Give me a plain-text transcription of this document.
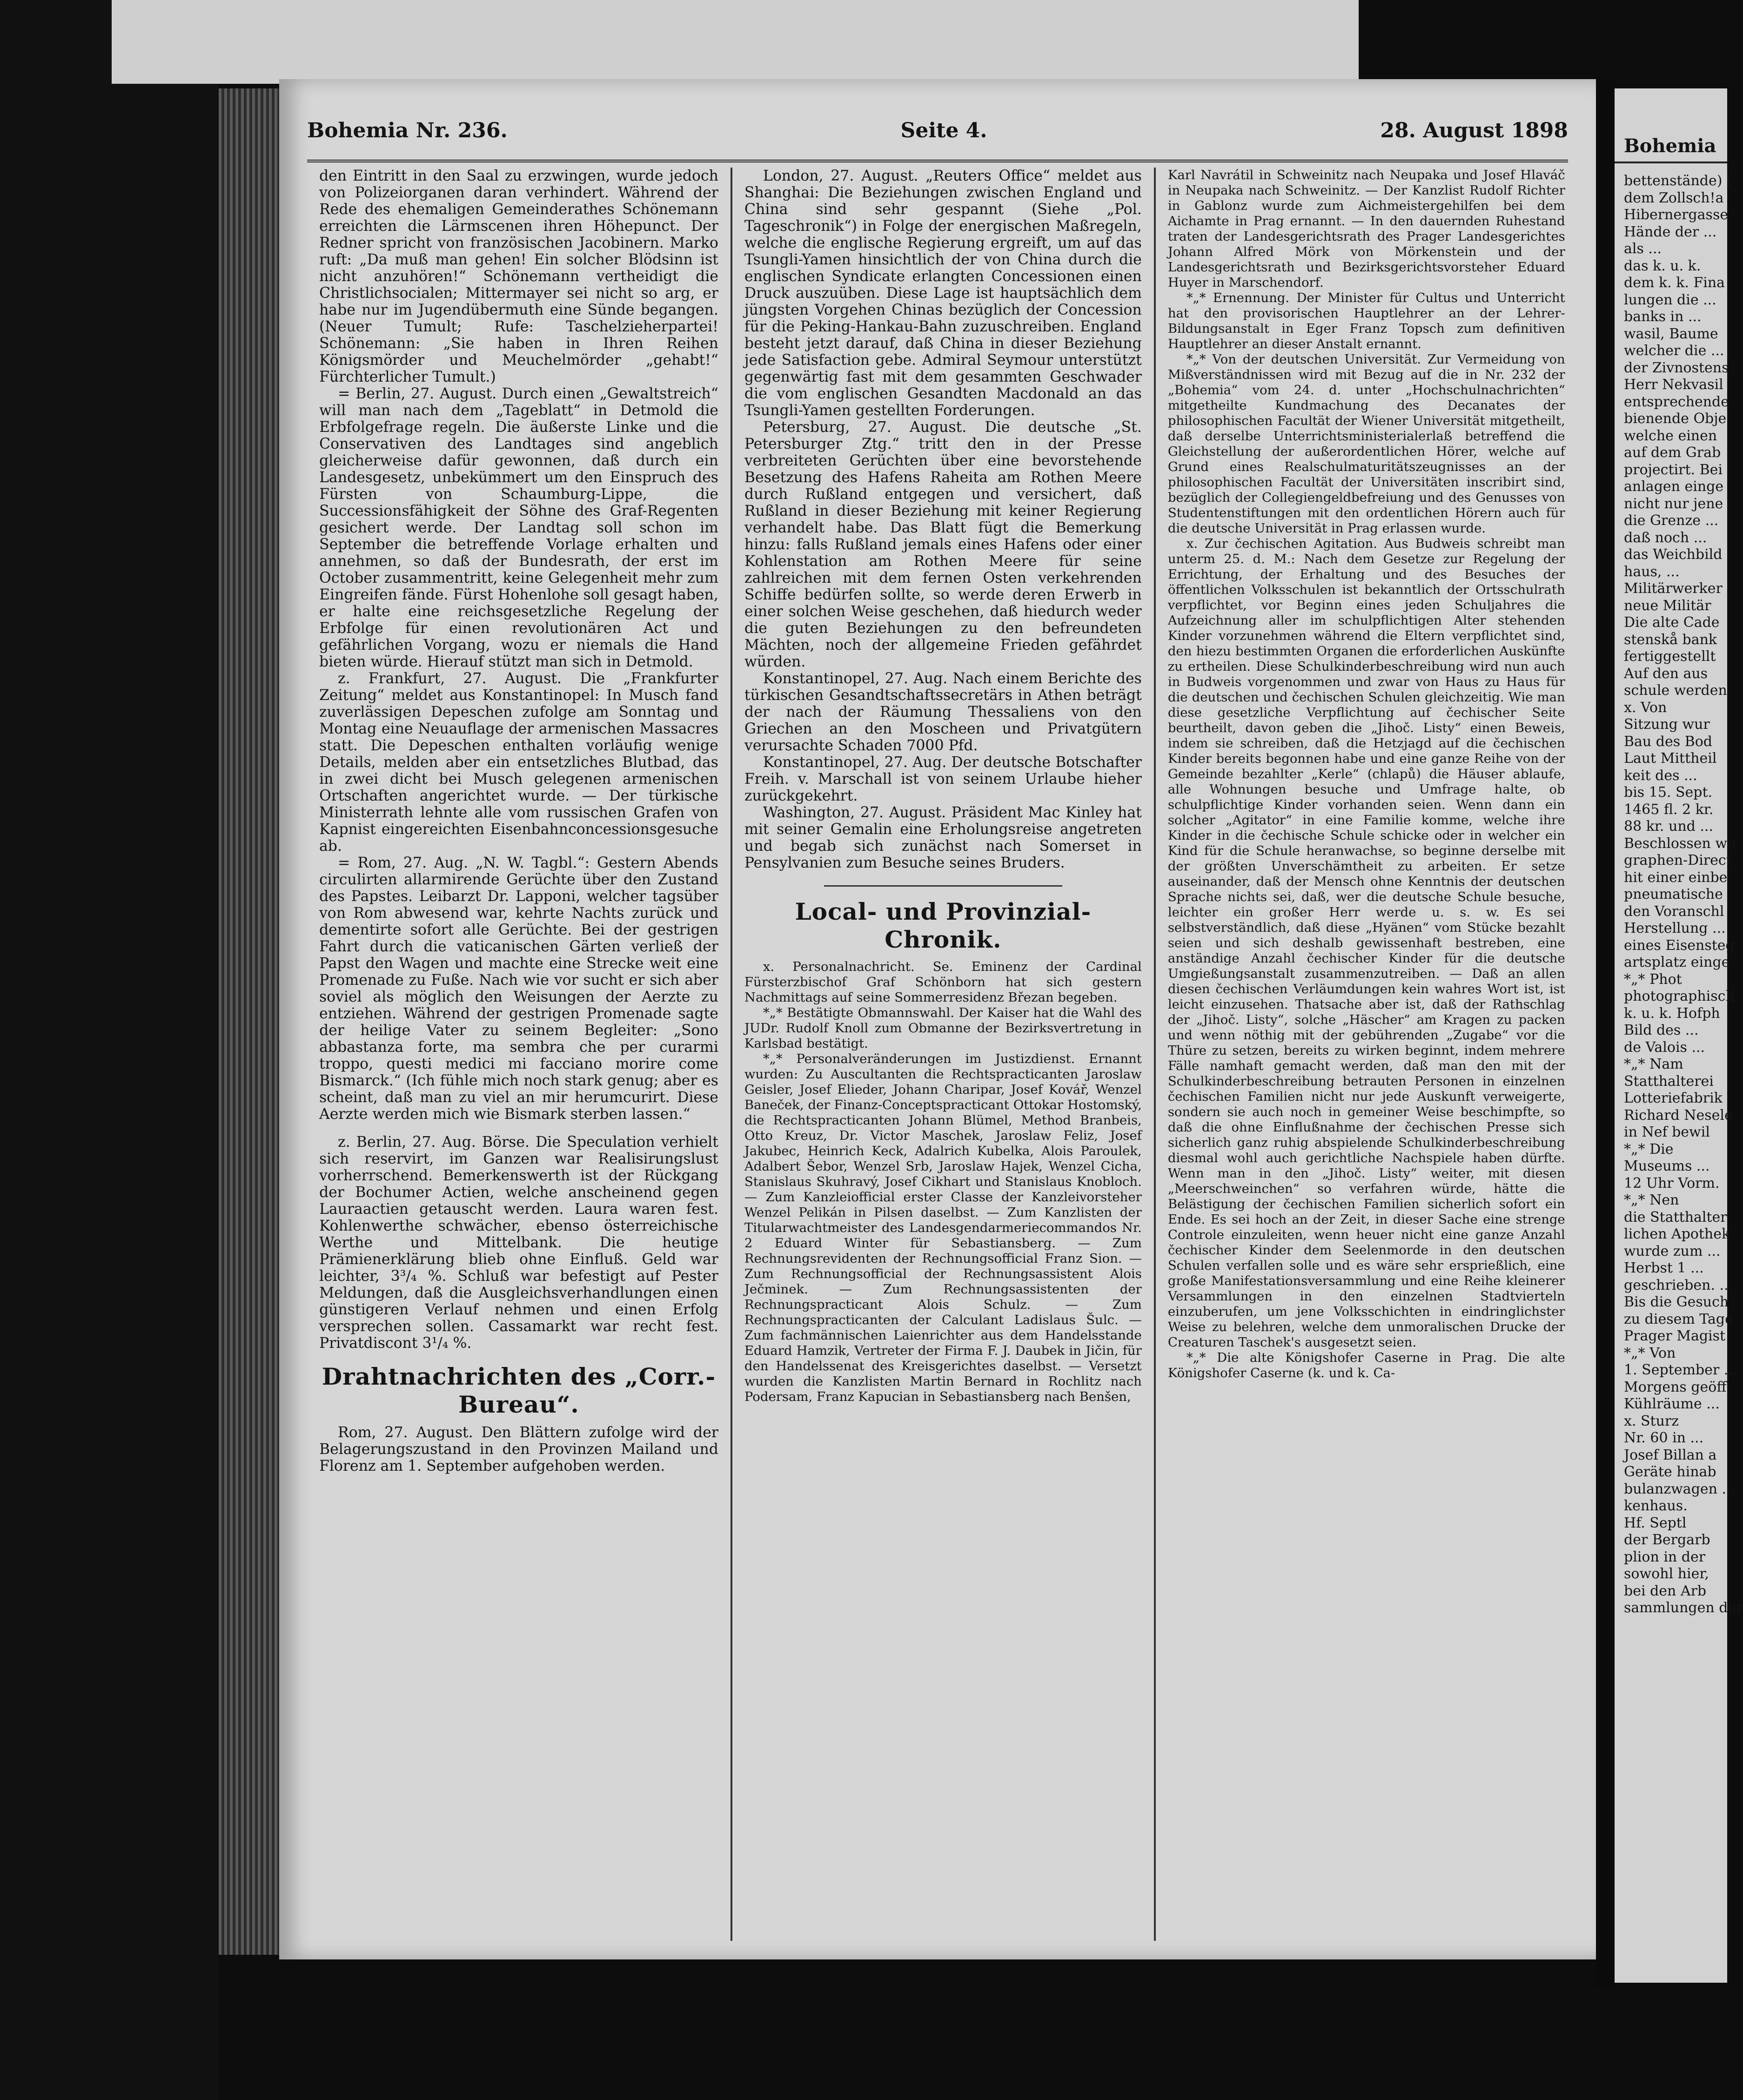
Bohemia Nr. 236.	Seite 4.	28. August 1898

den Eintritt in den Saal zu erzwingen, wurde jedoch von Polizeiorganen daran verhindert. Während der Rede des ehemaligen Gemeinderathes Schönemann erreichten die Lärmscenen ihren Höhepunct. Der Redner spricht von französischen Jacobinern. Marko ruft: „Da muß man gehen! Ein solcher Blödsinn ist nicht anzuhören!“ Schönemann vertheidigt die Christlichsocialen; Mittermayer sei nicht so arg, er habe nur im Jugendübermuth eine Sünde begangen. (Neuer Tumult; Rufe: Taschelzieherpartei! Schönemann: „Sie haben in Ihren Reihen Königsmörder und Meuchelmörder „gehabt!“ Fürchterlicher Tumult.)

= Berlin, 27. August. Durch einen „Gewaltstreich“ will man nach dem „Tageblatt“ in Detmold die Erbfolgefrage regeln. Die äußerste Linke und die Conservativen des Landtages sind angeblich gleicherweise dafür gewonnen, daß durch ein Landesgesetz, unbekümmert um den Einspruch des Fürsten von Schaumburg-Lippe, die Successionsfähigkeit der Söhne des Graf-Regenten gesichert werde. Der Landtag soll schon im September die betreffende Vorlage erhalten und annehmen, so daß der Bundesrath, der erst im October zusammentritt, keine Gelegenheit mehr zum Eingreifen fände. Fürst Hohenlohe soll gesagt haben, er halte eine reichsgesetzliche Regelung der Erbfolge für einen revolutionären Act und gefährlichen Vorgang, wozu er niemals die Hand bieten würde. Hierauf stützt man sich in Detmold.

z. Frankfurt, 27. August. Die „Frankfurter Zeitung“ meldet aus Konstantinopel: In Musch fand zuverlässigen Depeschen zufolge am Sonntag und Montag eine Neuauflage der armenischen Massacres statt. Die Depeschen enthalten vorläufig wenige Details, melden aber ein entsetzliches Blutbad, das in zwei dicht bei Musch gelegenen armenischen Ortschaften angerichtet wurde. — Der türkische Ministerrath lehnte alle vom russischen Grafen von Kapnist eingereichten Eisenbahnconcessionsgesuche ab.

= Rom, 27. Aug. „N. W. Tagbl.“: Gestern Abends circulirten allarmirende Gerüchte über den Zustand des Papstes. Leibarzt Dr. Lapponi, welcher tagsüber von Rom abwesend war, kehrte Nachts zurück und dementirte sofort alle Gerüchte. Bei der gestrigen Fahrt durch die vaticanischen Gärten verließ der Papst den Wagen und machte eine Strecke weit eine Promenade zu Fuße. Nach wie vor sucht er sich aber soviel als möglich den Weisungen der Aerzte zu entziehen. Während der gestrigen Promenade sagte der heilige Vater zu seinem Begleiter: „Sono abbastanza forte, ma sembra che per curarmi troppo, questi medici mi facciano morire come Bismarck.“ (Ich fühle mich noch stark genug; aber es scheint, daß man zu viel an mir herumcurirt. Diese Aerzte werden mich wie Bismark sterben lassen.“

z. Berlin, 27. Aug. Börse. Die Speculation verhielt sich reservirt, im Ganzen war Realisirungslust vorherrschend. Bemerkenswerth ist der Rückgang der Bochumer Actien, welche anscheinend gegen Lauraactien getauscht werden. Laura waren fest. Kohlenwerthe schwächer, ebenso österreichische Werthe und Mittelbank. Die heutige Prämienerklärung blieb ohne Einfluß. Geld war leichter, 3³/₄ %. Schluß war befestigt auf Pester Meldungen, daß die Ausgleichsverhandlungen einen günstigeren Verlauf nehmen und einen Erfolg versprechen sollen. Cassamarkt war recht fest. Privatdiscont 3¹/₄ %.

Drahtnachrichten des „Corr.-Bureau“.

Rom, 27. August. Den Blättern zufolge wird der Belagerungszustand in den Provinzen Mailand und Florenz am 1. September aufgehoben werden.

London, 27. August. „Reuters Office“ meldet aus Shanghai: Die Beziehungen zwischen England und China sind sehr gespannt (Siehe „Pol. Tageschronik“) in Folge der energischen Maßregeln, welche die englische Regierung ergreift, um auf das Tsungli-Yamen hinsichtlich der von China durch die englischen Syndicate erlangten Concessionen einen Druck auszuüben. Diese Lage ist hauptsächlich dem jüngsten Vorgehen Chinas bezüglich der Concession für die Peking-Hankau-Bahn zuzuschreiben. England besteht jetzt darauf, daß China in dieser Beziehung jede Satisfaction gebe. Admiral Seymour unterstützt gegenwärtig fast mit dem gesammten Geschwader die vom englischen Gesandten Macdonald an das Tsungli-Yamen gestellten Forderungen.

Petersburg, 27. August. Die deutsche „St. Petersburger Ztg.“ tritt den in der Presse verbreiteten Gerüchten über eine bevorstehende Besetzung des Hafens Raheita am Rothen Meere durch Rußland entgegen und versichert, daß Rußland in dieser Beziehung mit keiner Regierung verhandelt habe. Das Blatt fügt die Bemerkung hinzu: falls Rußland jemals eines Hafens oder einer Kohlenstation am Rothen Meere für seine zahlreichen mit dem fernen Osten verkehrenden Schiffe bedürfen sollte, so werde deren Erwerb in einer solchen Weise geschehen, daß hiedurch weder die guten Beziehungen zu den befreundeten Mächten, noch der allgemeine Frieden gefährdet würden.

Konstantinopel, 27. Aug. Nach einem Berichte des türkischen Gesandtschaftssecretärs in Athen beträgt der nach der Räumung Thessaliens von den Griechen an den Moscheen und Privatgütern verursachte Schaden 7000 Pfd.

Konstantinopel, 27. Aug. Der deutsche Botschafter Freih. v. Marschall ist von seinem Urlaube hieher zurückgekehrt.

Washington, 27. August. Präsident Mac Kinley hat mit seiner Gemalin eine Erholungsreise angetreten und begab sich zunächst nach Somerset in Pensylvanien zum Besuche seines Bruders.

Local- und Provinzial-Chronik.

x. Personalnachricht. Se. Eminenz der Cardinal Fürsterzbischof Graf Schönborn hat sich gestern Nachmittags auf seine Sommerresidenz Březan begeben.

*„* Bestätigte Obmannswahl. Der Kaiser hat die Wahl des JUDr. Rudolf Knoll zum Obmanne der Bezirksvertretung in Karlsbad bestätigt.

*„* Personalveränderungen im Justizdienst. Ernannt wurden: Zu Auscultanten die Rechtspracticanten Jaroslaw Geisler, Josef Elieder, Johann Charipar, Josef Kovář, Wenzel Baneček, der Finanz-Conceptspracticant Ottokar Hostomský, die Rechtspracticanten Johann Blümel, Method Branbeis, Otto Kreuz, Dr. Victor Maschek, Jaroslaw Feliz, Josef Jakubec, Heinrich Keck, Adalrich Kubelka, Alois Paroulek, Adalbert Šebor, Wenzel Srb, Jaroslaw Hajek, Wenzel Cicha, Stanislaus Skuhravý, Josef Cikhart und Stanislaus Knobloch. — Zum Kanzleiofficial erster Classe der Kanzleivorsteher Wenzel Pelikán in Pilsen daselbst. — Zum Kanzlisten der Titularwachtmeister des Landesgendarmeriecommandos Nr. 2 Eduard Winter für Sebastiansberg. — Zum Rechnungsrevidenten der Rechnungsofficial Franz Sion. — Zum Rechnungsofficial der Rechnungsassistent Alois Ječminek. — Zum Rechnungsassistenten der Rechnungspracticant Alois Schulz. — Zum Rechnungspracticanten der Calculant Ladislaus Šulc. — Zum fachmännischen Laienrichter aus dem Handelsstande Eduard Hamzik, Vertreter der Firma F. J. Daubek in Jičin, für den Handelssenat des Kreisgerichtes daselbst. — Versetzt wurden die Kanzlisten Martin Bernard in Rochlitz nach Podersam, Franz Kapucian in Sebastiansberg nach Benšen,

Karl Navrátil in Schweinitz nach Neupaka und Josef Hlaváč in Neupaka nach Schweinitz. — Der Kanzlist Rudolf Richter in Gablonz wurde zum Aichmeistergehilfen bei dem Aichamte in Prag ernannt. — In den dauernden Ruhestand traten der Landesgerichtsrath des Prager Landesgerichtes Johann Alfred Mörk von Mörkenstein und der Landesgerichtsrath und Bezirksgerichtsvorsteher Eduard Huyer in Marschendorf.

*„* Ernennung. Der Minister für Cultus und Unterricht hat den provisorischen Hauptlehrer an der Lehrer-Bildungsanstalt in Eger Franz Topsch zum definitiven Hauptlehrer an dieser Anstalt ernannt.

*„* Von der deutschen Universität. Zur Vermeidung von Mißverständnissen wird mit Bezug auf die in Nr. 232 der „Bohemia“ vom 24. d. unter „Hochschulnachrichten“ mitgetheilte Kundmachung des Decanates der philosophischen Facultät der Wiener Universität mitgetheilt, daß derselbe Unterrichtsministerialerlaß betreffend die Gleichstellung der außerordentlichen Hörer, welche auf Grund eines Realschulmaturitätszeugnisses an der philosophischen Facultät der Universitäten inscribirt sind, bezüglich der Collegiengeldbefreiung und des Genusses von Studentenstiftungen mit den ordentlichen Hörern auch für die deutsche Universität in Prag erlassen wurde.

x. Zur čechischen Agitation. Aus Budweis schreibt man unterm 25. d. M.: Nach dem Gesetze zur Regelung der Errichtung, der Erhaltung und des Besuches der öffentlichen Volksschulen ist bekanntlich der Ortsschulrath verpflichtet, vor Beginn eines jeden Schuljahres die Aufzeichnung aller im schulpflichtigen Alter stehenden Kinder vorzunehmen während die Eltern verpflichtet sind, den hiezu bestimmten Organen die erforderlichen Auskünfte zu ertheilen. Diese Schulkinderbeschreibung wird nun auch in Budweis vorgenommen und zwar von Haus zu Haus für die deutschen und čechischen Schulen gleichzeitig. Wie man diese gesetzliche Verpflichtung auf čechischer Seite beurtheilt, davon geben die „Jihoč. Listy“ einen Beweis, indem sie schreiben, daß die Hetzjagd auf die čechischen Kinder bereits begonnen habe und eine ganze Reihe von der Gemeinde bezahlter „Kerle“ (chlapů) die Häuser ablaufe, alle Wohnungen besuche und Umfrage halte, ob schulpflichtige Kinder vorhanden seien. Wenn dann ein solcher „Agitator“ in eine Familie komme, welche ihre Kinder in die čechische Schule schicke oder in welcher ein Kind für die Schule heranwachse, so beginne derselbe mit der größten Unverschämtheit zu arbeiten. Er setze auseinander, daß der Mensch ohne Kenntnis der deutschen Sprache nichts sei, daß, wer die deutsche Schule besuche, leichter ein großer Herr werde u. s. w. Es sei selbstverständlich, daß diese „Hyänen“ vom Stücke bezahlt seien und sich deshalb gewissenhaft bestreben, eine anständige Anzahl čechischer Kinder für die deutsche Umgießungsanstalt zusammenzutreiben. — Daß an allen diesen čechischen Verläumdungen kein wahres Wort ist, ist leicht einzusehen. Thatsache aber ist, daß der Rathschlag der „Jihoč. Listy“, solche „Häscher“ am Kragen zu packen und wenn nöthig mit der gebührenden „Zugabe“ vor die Thüre zu setzen, bereits zu wirken beginnt, indem mehrere Fälle namhaft gemacht werden, daß man den mit der Schulkinderbeschreibung betrauten Personen in einzelnen čechischen Familien nicht nur jede Auskunft verweigerte, sondern sie auch noch in gemeiner Weise beschimpfte, so daß die ohne Einflußnahme der čechischen Presse sich sicherlich ganz ruhig abspielende Schulkinderbeschreibung diesmal wohl auch gerichtliche Nachspiele haben dürfte. Wenn man in den „Jihoč. Listy“ weiter, mit diesen „Meerschweinchen“ so verfahren würde, hätte die Belästigung der čechischen Familien sicherlich sofort ein Ende. Es sei hoch an der Zeit, in dieser Sache eine strenge Controle einzuleiten, wenn heuer nicht eine ganze Anzahl čechischer Kinder dem Seelenmorde in den deutschen Schulen verfallen solle und es wäre sehr ersprießlich, eine große Manifestationsversammlung und eine Reihe kleinerer Versammlungen in den einzelnen Stadtvierteln einzuberufen, um jene Volksschichten in eindringlichster Weise zu belehren, welche dem unmoralischen Drucke der Creaturen Taschek's ausgesetzt seien.

*„* Die alte Königshofer Caserne in Prag. Die alte Königshofer Caserne (k. und k. Ca-

Bohemia
bettenstände) i
dem Zollsch!a
Hibernergasse
Hände der ...
als ...
das k. u. k.
dem k. k. Fina
lungen die ...
banks in ...
wasil, Baume
welcher die ...
der Zivnostens
Herr Nekvasil
entsprechende
bienende Obje
welche einen
auf dem Grab
projectirt. Bei
anlagen einge
nicht nur jene
die Grenze ...
daß noch ...
das Weichbild
haus, ...
Militärwerker
neue Militär
Die alte Cade
stenskå bank
fertiggestellt
Auf den aus
schule werden
x. Von
Sitzung wur
Bau des Bod
Laut Mittheil
keit des ...
bis 15. Sept.
1465 fl. 2 kr.
88 kr. und ...
Beschlossen wu
graphen-Direct
hit einer einbe
pneumatische
den Voranschl
Herstellung ...
eines Eisensteg
artsplatz einge
*„* Phot
photographisch
k. u. k. Hofph
Bild des ...
de Valois ...
*„* Nam
Statthalterei
Lotteriefabrik
Richard Nesele
in Nef bewil
*„* Die
Museums ...
12 Uhr Vorm.
*„* Nen
die Statthalter
lichen Apothek
wurde zum ...
Herbst 1 ...
geschrieben. ...
Bis die Gesuch
zu diesem Tage
Prager Magist
*„* Von
1. September ...
Morgens geöff
Kühlräume ...
x. Sturz
Nr. 60 in ...
Josef Billan a
Geräte hinab
bulanzwagen ...
kenhaus.
Hf. Septl
der Bergarb
plion in der
sowohl hier,
bei den Arb
sammlungen der
